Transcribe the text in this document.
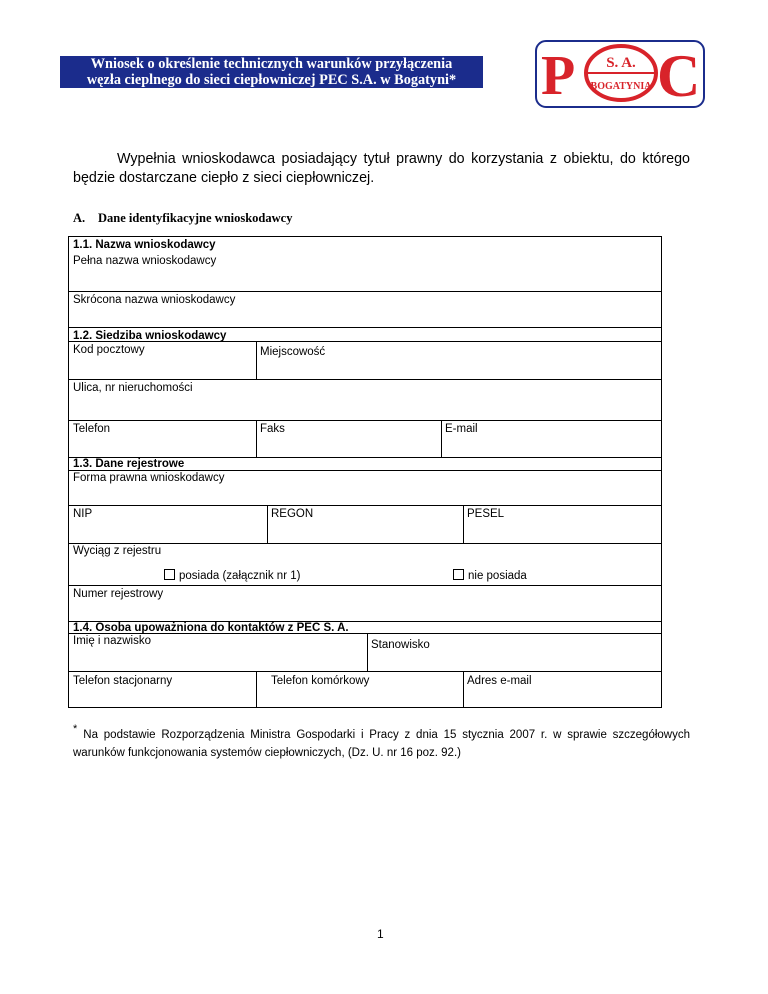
Wniosek o określenie technicznych warunków przyłączenia
węzła cieplnego do sieci ciepłowniczej PEC S.A. w Bogatyni*	P S. A.
BOGATYNIA C
Wypełnia wnioskodawca posiadający tytuł prawny do korzystania z obiektu, do którego będzie dostarczane ciepło z sieci ciepłowniczej.
A. Dane identyfikacyjne wnioskodawcy
1.1. Nazwa wnioskodawcy
Pełna nazwa wnioskodawcy
Skrócona nazwa wnioskodawcy
1.2. Siedziba wnioskodawcy
Kod pocztowy	Miejscowość
Ulica, nr nieruchomości
Telefon	Faks	E-mail
1.3. Dane rejestrowe
Forma prawna wnioskodawcy
NIP	REGON	PESEL
Wyciąg z rejestru
posiada (załącznik nr 1)	nie posiada
Numer rejestrowy
1.4. Osoba upoważniona do kontaktów z PEC S. A.
Imię i nazwisko	Stanowisko
Telefon stacjonarny	Telefon komórkowy	Adres e-mail
* Na podstawie Rozporządzenia Ministra Gospodarki i Pracy z dnia 15 stycznia 2007 r. w sprawie szczegółowych warunków funkcjonowania systemów ciepłowniczych, (Dz. U. nr 16 poz. 92.)
1
